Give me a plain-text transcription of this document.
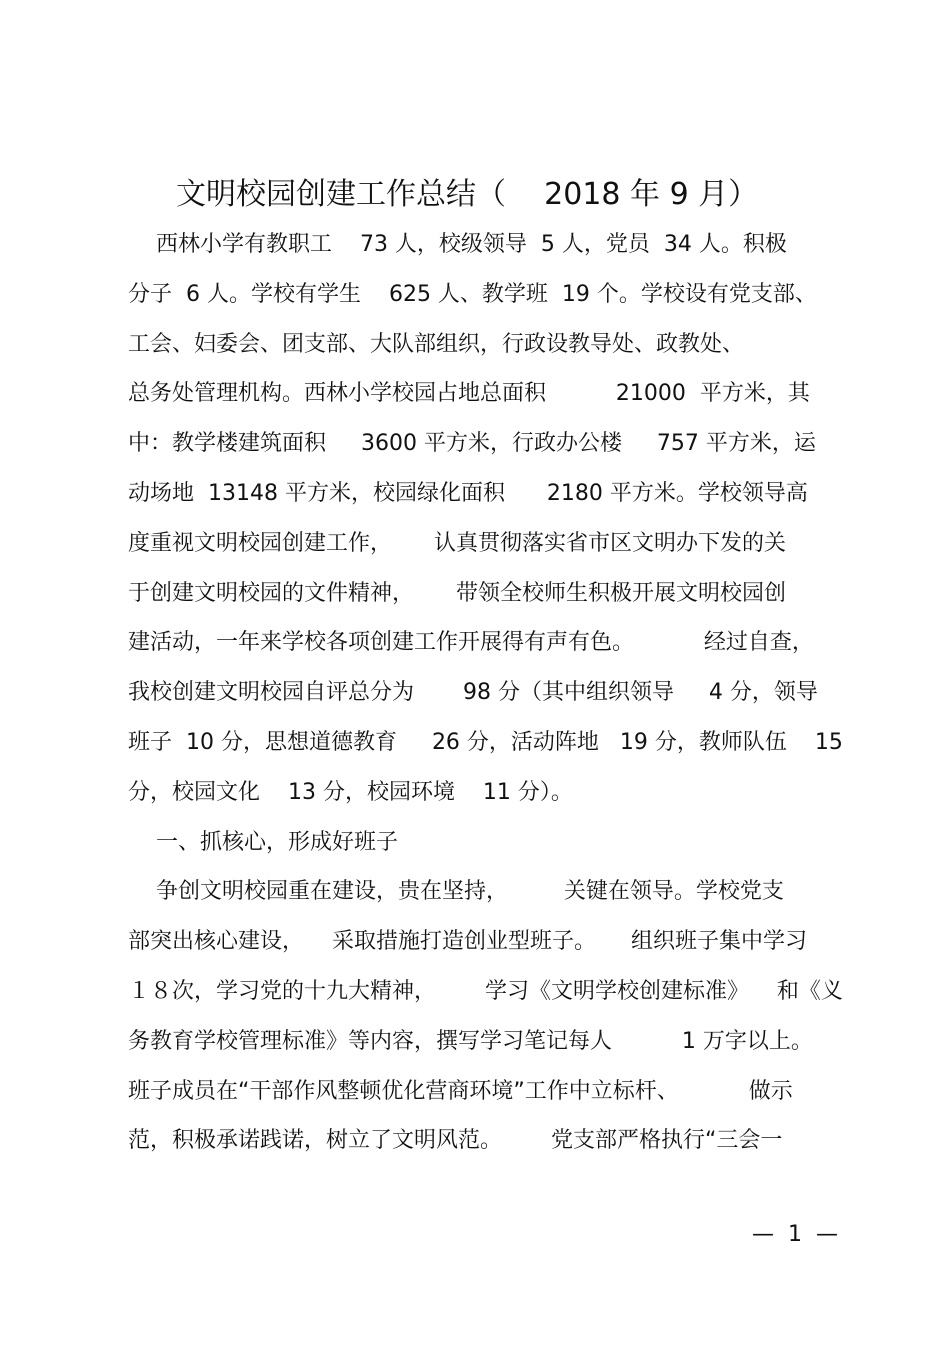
文明校园创建工作总结（    2018 年 9 月）
西林小学有教职工    73 人，校级领导  5 人，党员  34 人。积极
分子  6 人。学校有学生    625 人、教学班  19 个。学校设有党支部、
工会、妇委会、团支部、大队部组织，行政设教导处、政教处、
总务处管理机构。西林小学校园占地总面积          21000  平方米，其
中：教学楼建筑面积     3600 平方米，行政办公楼     757 平方米，运
动场地  13148 平方米，校园绿化面积      2180 平方米。学校领导高
度重视文明校园创建工作，      认真贯彻落实省市区文明办下发的关
于创建文明校园的文件精神，      带领全校师生积极开展文明校园创
建活动，一年来学校各项创建工作开展得有声有色。          经过自查，
我校创建文明校园自评总分为       98 分（其中组织领导     4 分，领导
班子  10 分，思想道德教育     26 分，活动阵地   19 分，教师队伍    15
分，校园文化    13 分，校园环境    11 分）。
一、抓核心，形成好班子
争创文明校园重在建设，贵在坚持，        关键在领导。学校党支
部突出核心建设，    采取措施打造创业型班子。     组织班子集中学习
１８次，学习党的十九大精神，       学习《文明学校创建标准》    和《义
务教育学校管理标准》等内容，撰写学习笔记每人          1 万字以上。
班子成员在“干部作风整顿优化营商环境”工作中立标杆、          做示
范，积极承诺践诺，树立了文明风范。       党支部严格执行“三会一
—  1  —
